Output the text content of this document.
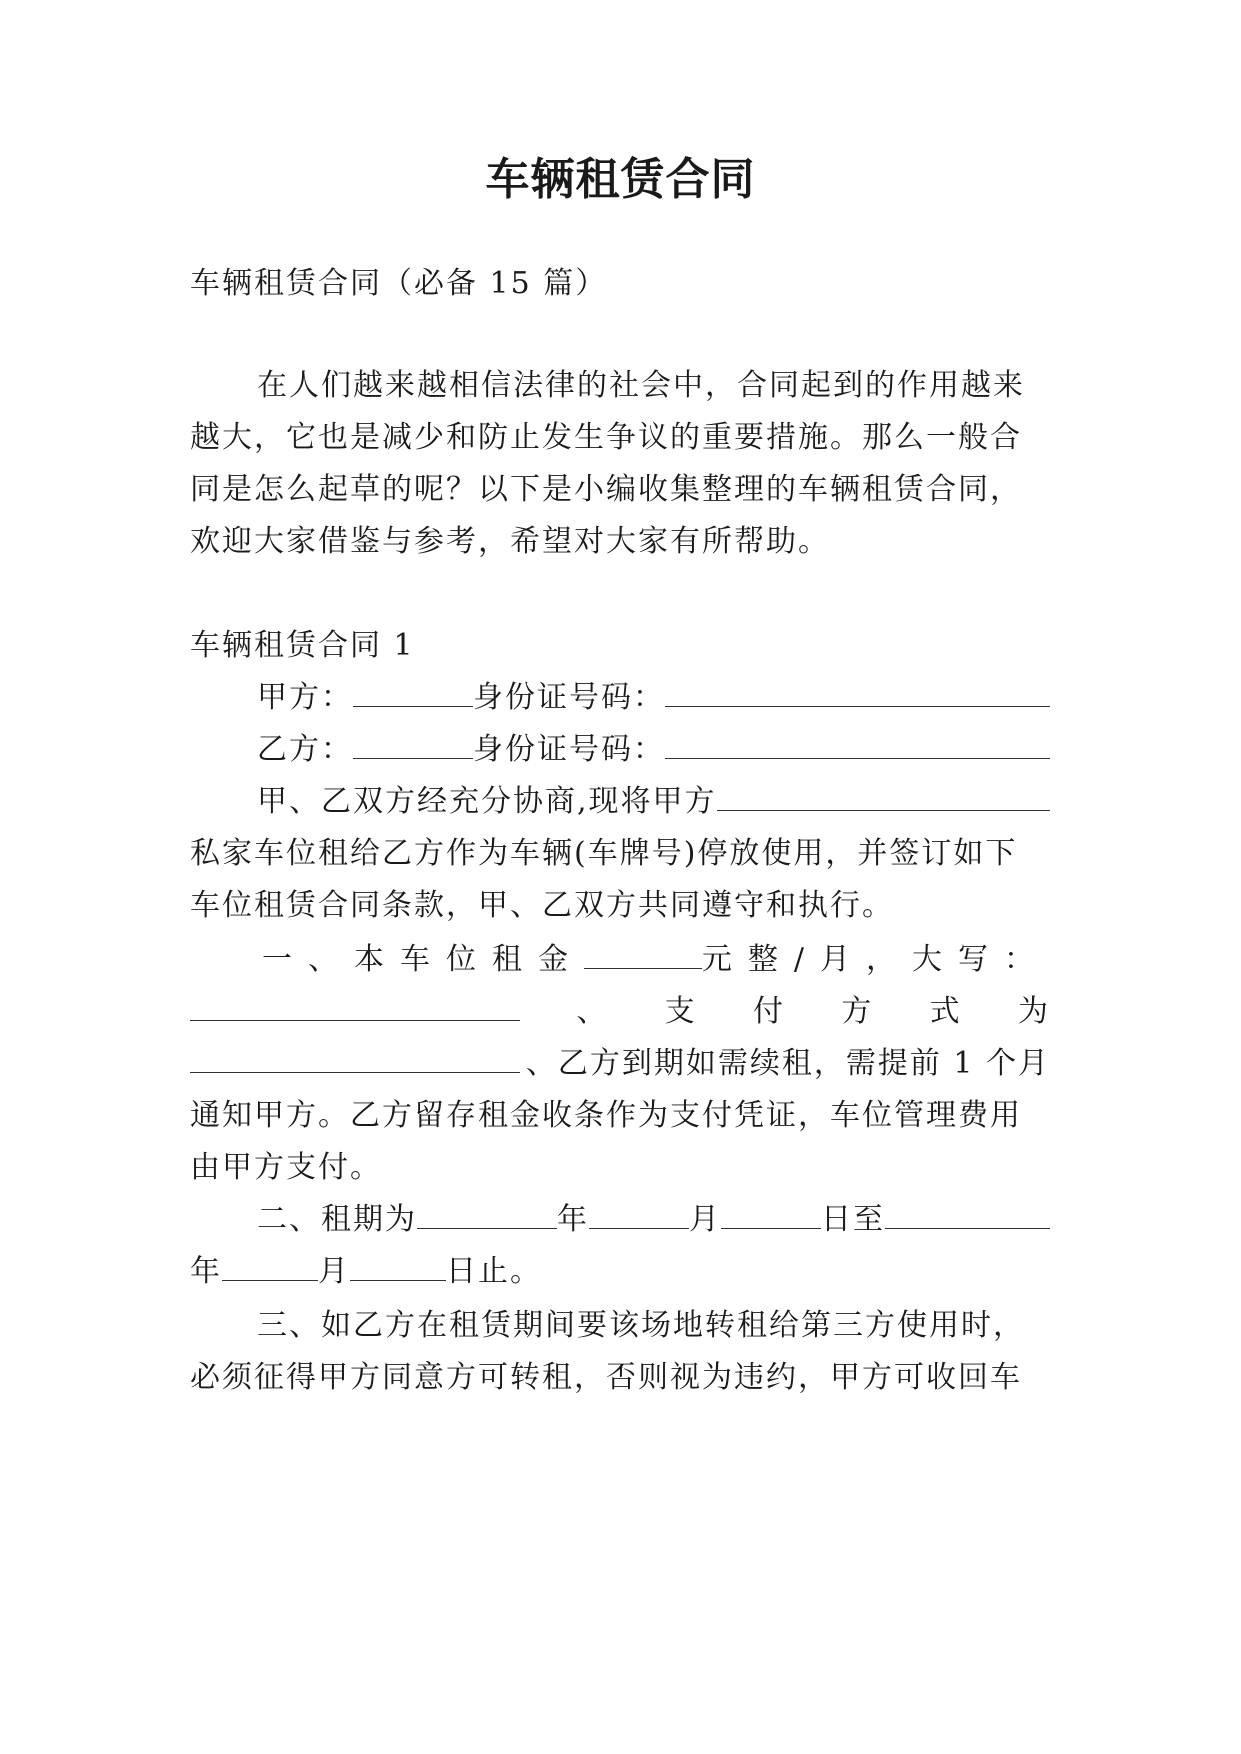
车辆租赁合同
车辆租赁合同（必备 15 篇）
在人们越来越相信法律的社会中，合同起到的作用越来
越大，它也是减少和防止发生争议的重要措施。那么一般合
同是怎么起草的呢？以下是小编收集整理的车辆租赁合同，
欢迎大家借鉴与参考，希望对大家有所帮助。
车辆租赁合同 1
甲方：	身份证号码：
乙方：	身份证号码：
甲、乙双方经充分协商,现将甲方
私家车位租给乙方作为车辆(车牌号)停放使用，并签订如下
车位租赁合同条款，甲、乙双方共同遵守和执行。
一、本车位租金	元整/月，大写：
、 支 付 方 式 为
、乙方到期如需续租，需提前 1 个月
通知甲方。乙方留存租金收条作为支付凭证，车位管理费用
由甲方支付。
二、租期为	年	月	日至
年	月	日止。
三、如乙方在租赁期间要该场地转租给第三方使用时，
必须征得甲方同意方可转租，否则视为违约，甲方可收回车
